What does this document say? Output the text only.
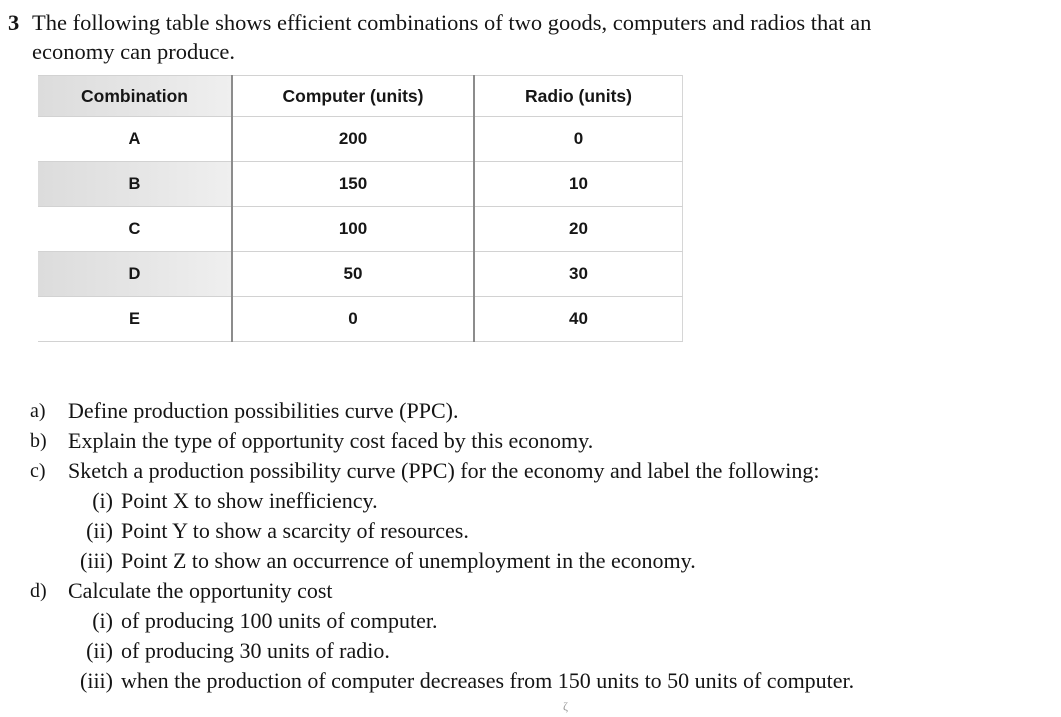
3 The following table shows efficient combinations of two goods, computers and radios that an
economy can produce.
Combination	Computer (units)	Radio (units)
A	200	0
B	150	10
C	100	20
D	50	30
E	0	40
a)	Define production possibilities curve (PPC).
b) Explain the type of opportunity cost faced by this economy.
c)	Sketch a production possibility curve (PPC) for the economy and label the following:
(i) Point X to show inefficiency.
(ii) Point Y to show a scarcity of resources.
(iii) Point Z to show an occurrence of unemployment in the economy.
d) Calculate the opportunity cost
(i) of producing 100 units of computer.
(ii) of producing 30 units of radio.
(iii) when the production of computer decreases from 150 units to 50 units of computer.
ζ
